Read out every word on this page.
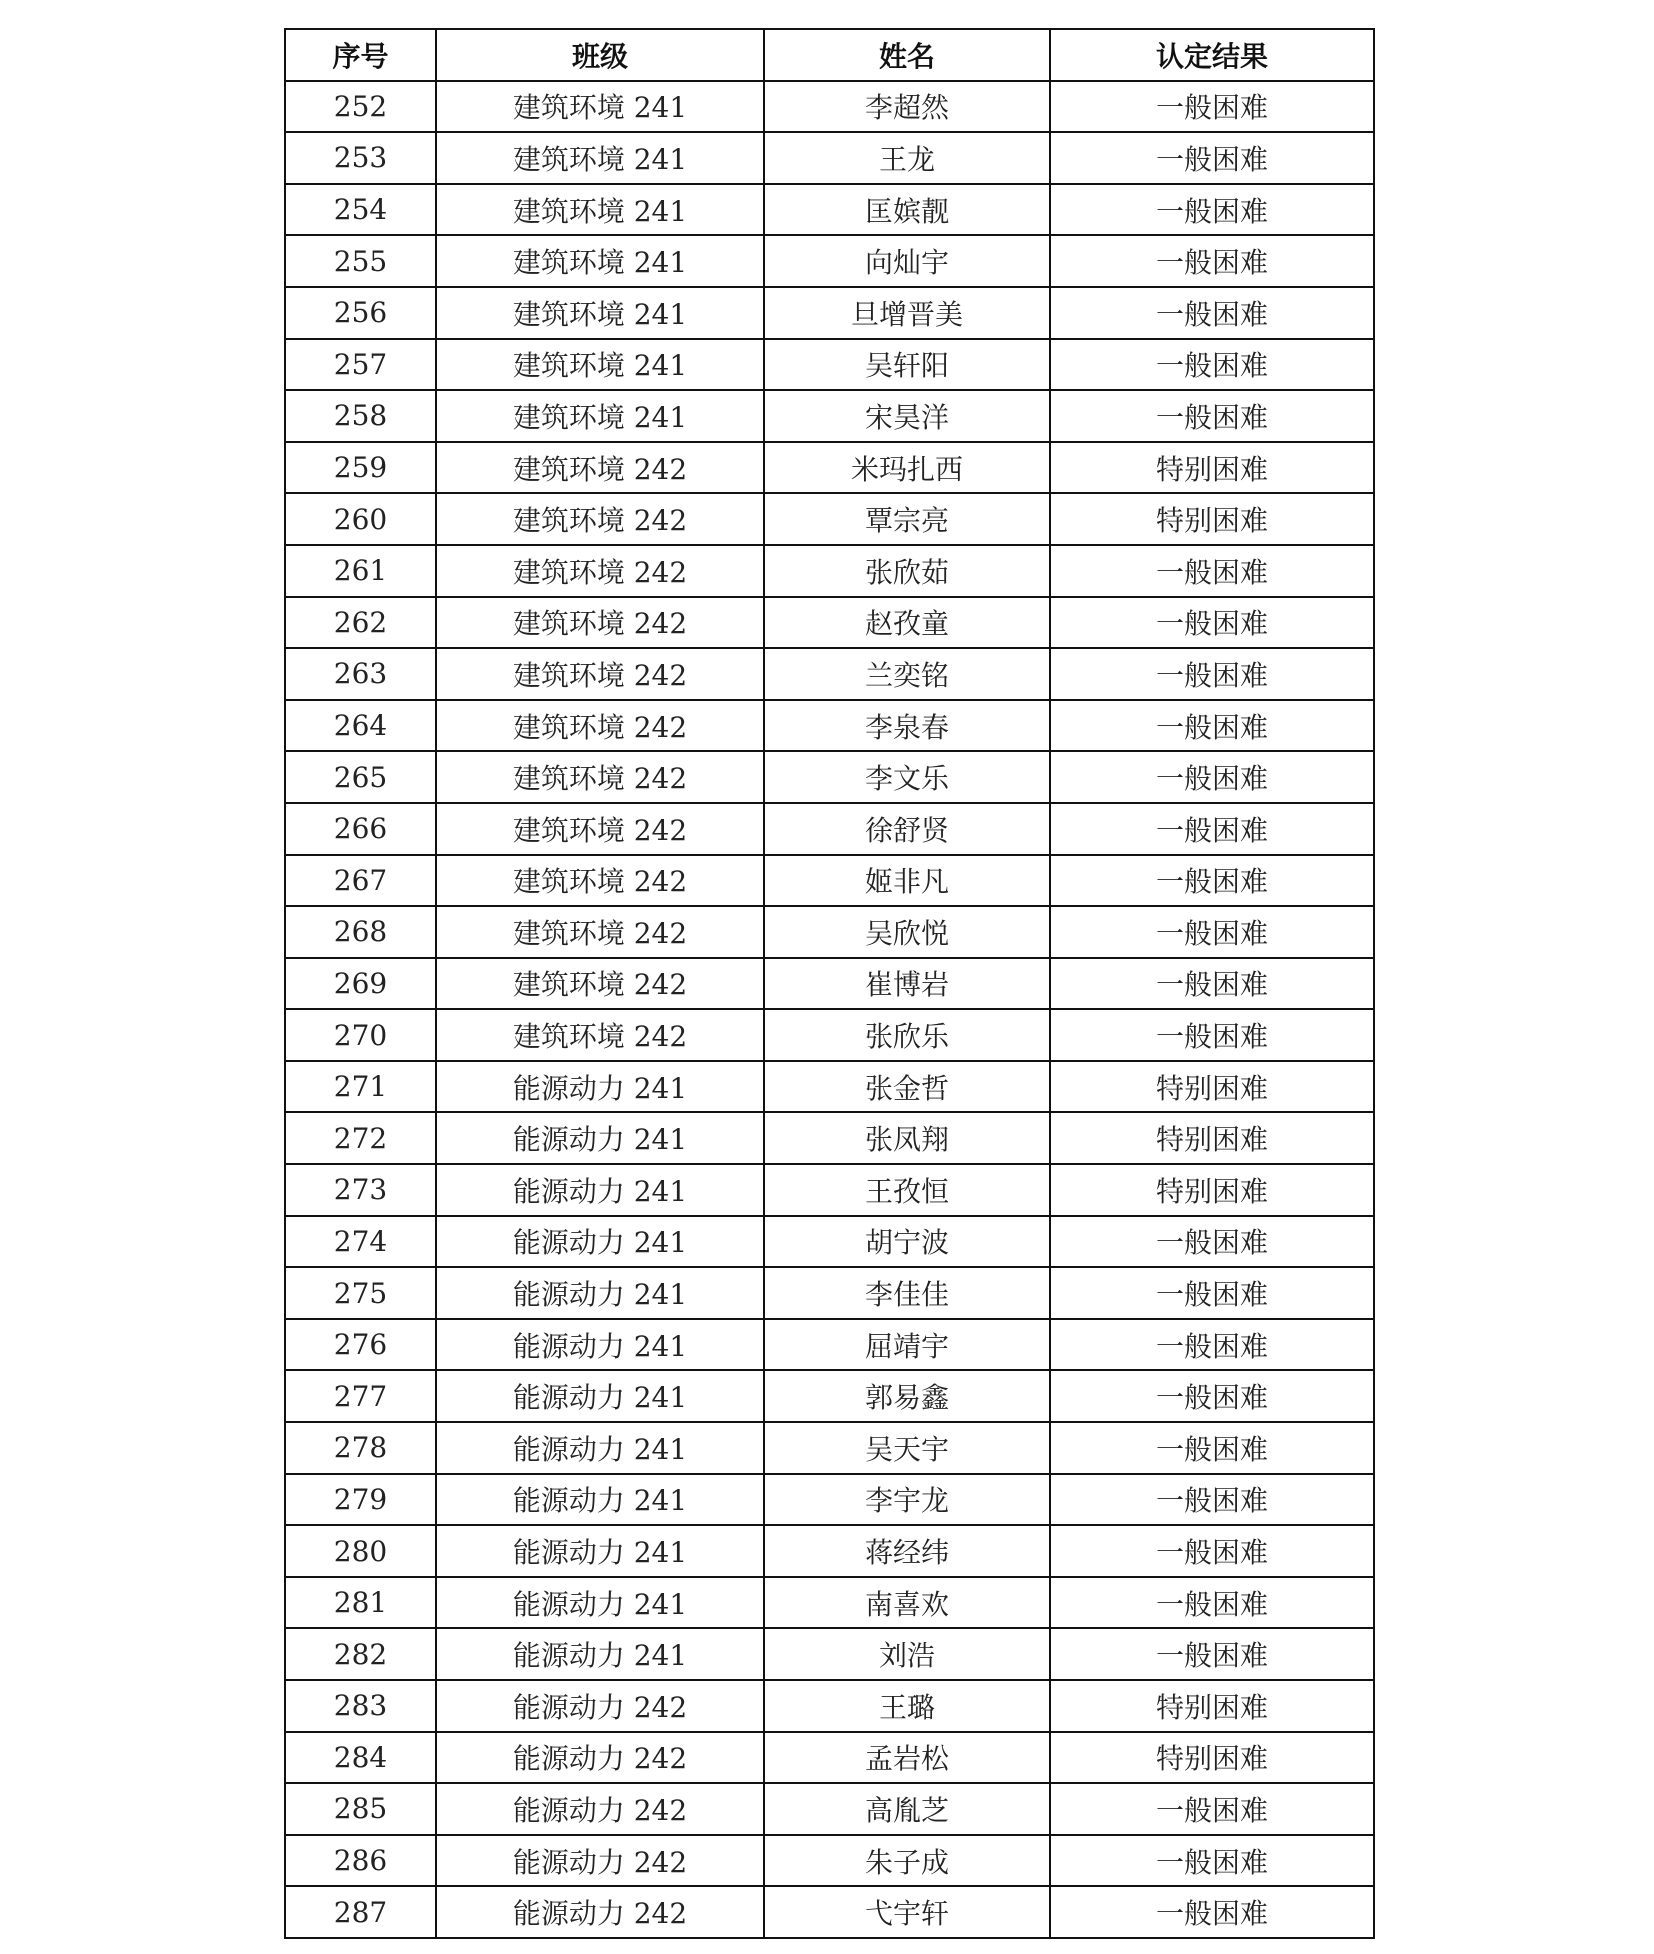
序号	班级	姓名	认定结果
252	建筑环境 241	李超然	一般困难
253	建筑环境 241	王龙	一般困难
254	建筑环境 241	匡嫔靓	一般困难
255	建筑环境 241	向灿宇	一般困难
256	建筑环境 241	旦增晋美	一般困难
257	建筑环境 241	吴轩阳	一般困难
258	建筑环境 241	宋昊洋	一般困难
259	建筑环境 242	米玛扎西	特别困难
260	建筑环境 242	覃宗亮	特别困难
261	建筑环境 242	张欣茹	一般困难
262	建筑环境 242	赵孜童	一般困难
263	建筑环境 242	兰奕铭	一般困难
264	建筑环境 242	李泉春	一般困难
265	建筑环境 242	李文乐	一般困难
266	建筑环境 242	徐舒贤	一般困难
267	建筑环境 242	姬非凡	一般困难
268	建筑环境 242	吴欣悦	一般困难
269	建筑环境 242	崔博岩	一般困难
270	建筑环境 242	张欣乐	一般困难
271	能源动力 241	张金哲	特别困难
272	能源动力 241	张凤翔	特别困难
273	能源动力 241	王孜恒	特别困难
274	能源动力 241	胡宁波	一般困难
275	能源动力 241	李佳佳	一般困难
276	能源动力 241	屈靖宇	一般困难
277	能源动力 241	郭易鑫	一般困难
278	能源动力 241	吴天宇	一般困难
279	能源动力 241	李宇龙	一般困难
280	能源动力 241	蒋经纬	一般困难
281	能源动力 241	南喜欢	一般困难
282	能源动力 241	刘浩	一般困难
283	能源动力 242	王璐	特别困难
284	能源动力 242	孟岩松	特别困难
285	能源动力 242	高胤芝	一般困难
286	能源动力 242	朱子成	一般困难
287	能源动力 242	弋宇轩	一般困难
